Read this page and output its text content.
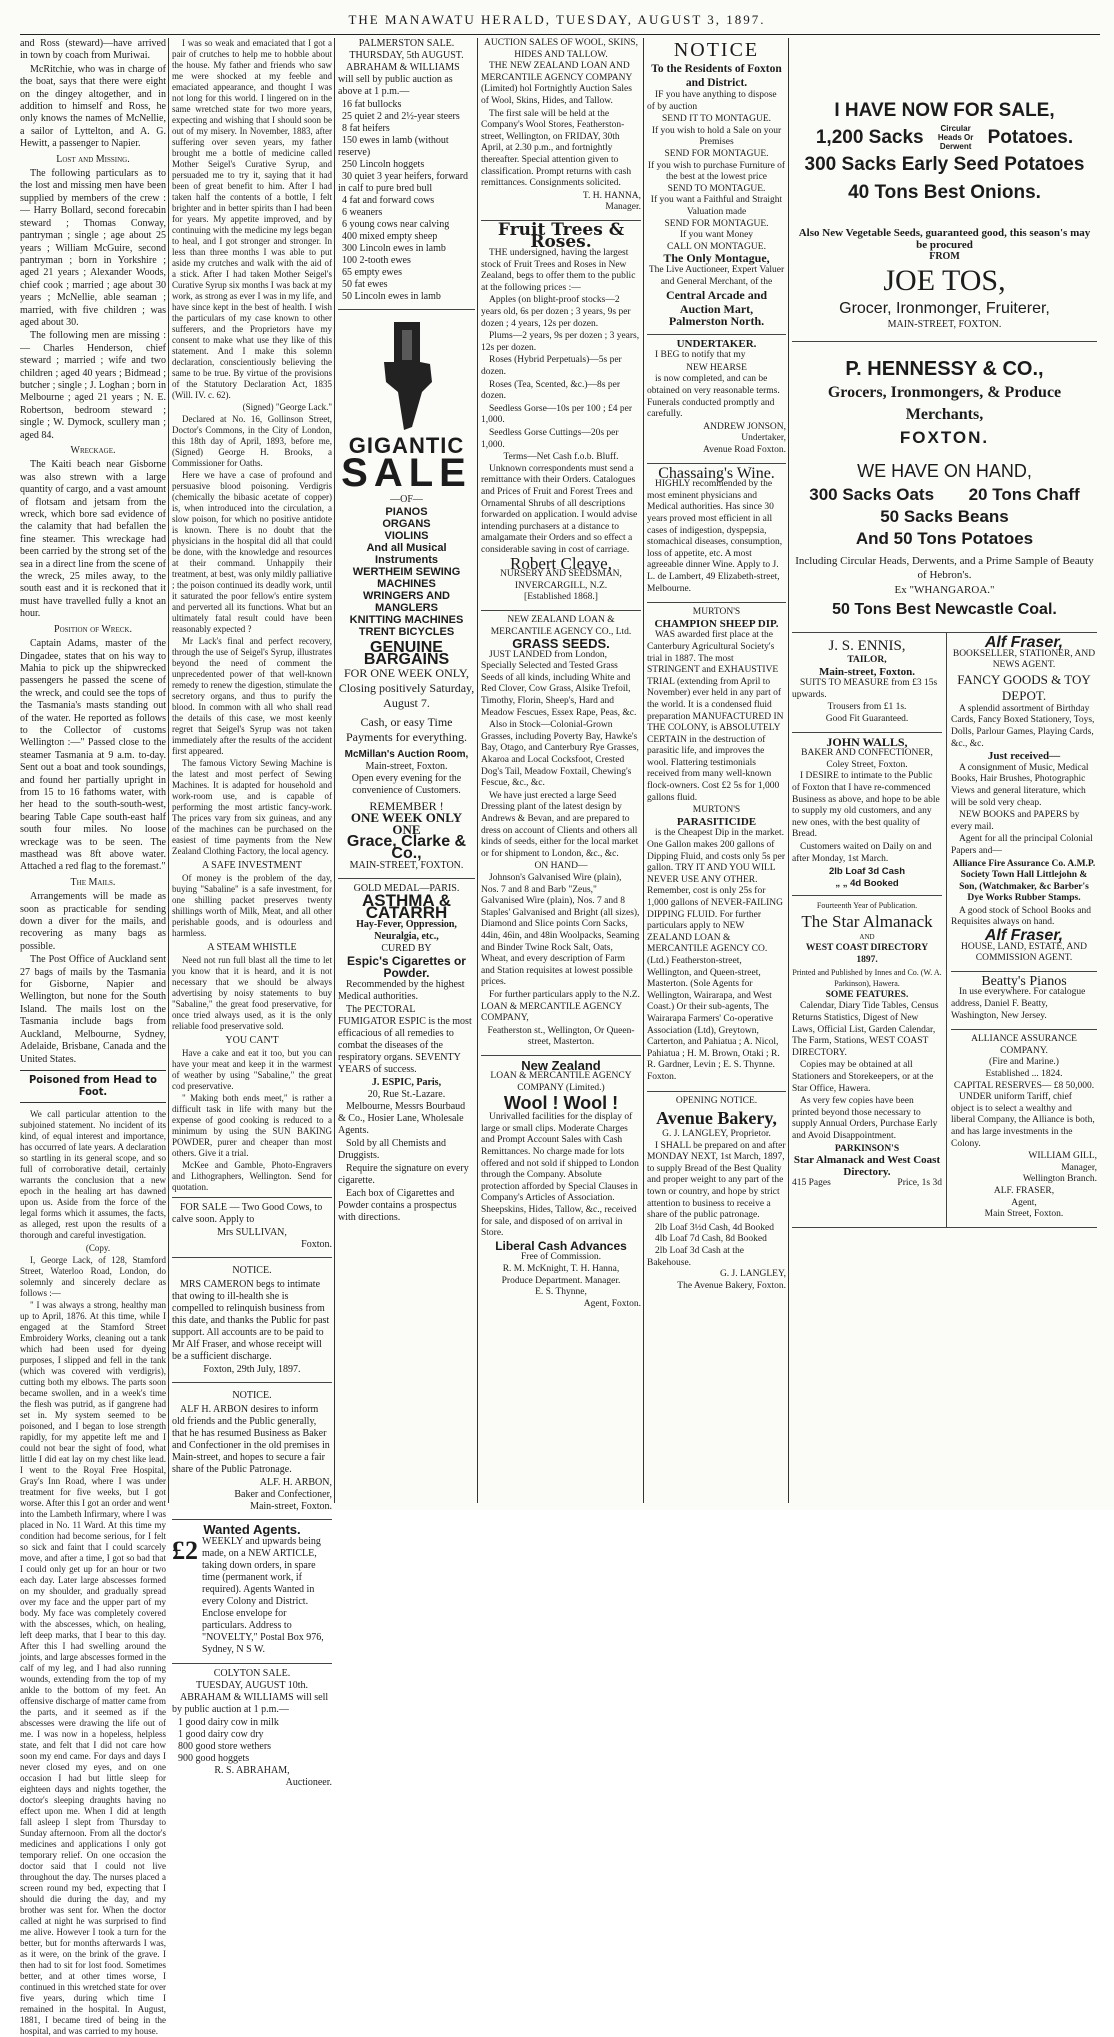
THE MANAWATU HERALD, TUESDAY, AUGUST 3, 1897.

and Ross (steward)—have arrived in town by coach from Muriwai.

McRitchie, who was in charge of the boat, says that there were eight on the dingey altogether, and in addition to himself and Ross, he only knows the names of McNellie, a sailor of Lyttelton, and A. G. Hewitt, a passenger to Napier.

Lost and Missing.

The following particulars as to the lost and missing men have been supplied by members of the crew :— Harry Bollard, second forecabin steward ; Thomas Conway, pantryman ; single ; age about 25 years ; William McGuire, second pantryman ; born in Yorkshire ; aged 21 years ; Alexander Woods, chief cook ; married ; age about 30 years ; McNellie, able seaman ; married, with five children ; was aged about 30.

The following men are missing :— Charles Henderson, chief steward ; married ; wife and two children ; aged 40 years ; Bidmead ; butcher ; single ; J. Loghan ; born in Melbourne ; aged 21 years ; N. E. Robertson, bedroom steward ; single ; W. Dymock, scullery man ; aged 84.

Wreckage.

The Kaiti beach near Gisborne was also strewn with a large quantity of cargo, and a vast amount of flotsam and jetsam from the wreck, which bore sad evidence of the calamity that had befallen the fine steamer. This wreckage had been carried by the strong set of the sea in a direct line from the scene of the wreck, 25 miles away, to the south east and it is reckoned that it must have travelled fully a knot an hour.

Position of Wreck.

Captain Adams, master of the Dingadee, states that on his way to Mahia to pick up the shipwrecked passengers he passed the scene of the wreck, and could see the tops of the Tasmania's masts standing out of the water. He reported as follows to the Collector of customs Wellington :—" Passed close to the steamer Tasmania at 9 a.m. to-day. Sent out a boat and took soundings, and found her partially upright in from 15 to 16 fathoms water, with her head to the south-south-west, bearing Table Cape south-east half south four miles. No loose wreckage was to be seen. The masthead was 8ft above water. Attached a red flag to the foremast."

The Mails.

Arrangements will be made as soon as practicable for sending down a diver for the mails, and recovering as many bags as possible.

The Post Office of Auckland sent 27 bags of mails by the Tasmania for Gisborne, Napier and Wellington, but none for the South Island. The mails lost on the Tasmania include bags from Auckland, Melbourne, Sydney, Adelaide, Brisbane, Canada and the United States.

Poisoned from Head to Foot.

We call particular attention to the subjoined statement. No incident of its kind, of equal interest and importance, has occurred of late years. A declaration so startling in its general scope, and so full of corroborative detail, certainly warrants the conclusion that a new epoch in the healing art has dawned upon us. Aside from the force of the legal forms which it assumes, the facts, as alleged, rest upon the results of a thorough and careful investigation.

(Copy.

I, George Lack, of 128, Stamford Street, Waterloo Road, London, do solemnly and sincerely declare as follows :—

" I was always a strong, healthy man up to April, 1876. At this time, while I engaged at the Stamford Street Embroidery Works, cleaning out a tank which had been used for dyeing purposes, I slipped and fell in the tank (which was covered with verdigris), cutting both my elbows. The parts soon became swollen, and in a week's time the flesh was putrid, as if gangrene had set in. My system seemed to be poisoned, and I began to lose strength rapidly, for my appetite left me and I could not bear the sight of food, what little I did eat lay on my chest like lead. I went to the Royal Free Hospital, Gray's Inn Road, where I was under treatment for five weeks, but I got worse. After this I got an order and went into the Lambeth Infirmary, where I was placed in No. 11 Ward. At this time my condition had become serious, for I felt so sick and faint that I could scarcely move, and after a time, I got so bad that I could only get up for an hour or two each day. Later large abscesses formed on my shoulder, and gradually spread over my face and the upper part of my body. My face was completely covered with the abscesses, which, on healing, left deep marks, that I bear to this day. After this I had swelling around the joints, and large abscesses formed in the calf of my leg, and I had also running wounds, extending from the top of my ankle to the bottom of my feet. An offensive discharge of matter came from the parts, and it seemed as if the abscesses were drawing the life out of me. I was now in a hopeless, helpless state, and felt that I did not care how soon my end came. For days and days I never closed my eyes, and on one occasion I had but little sleep for eighteen days and nights together, the doctor's sleeping draughts having no effect upon me. When I did at length fall asleep I slept from Thursday to Sunday afternoon. From all the doctor's medicines and applications I only got temporary relief. On one occasion the doctor said that I could not live throughout the day. The nurses placed a screen round my bed, expecting that I should die during the day, and my brother was sent for. When the doctor called at night he was surprised to find me alive. However I took a turn for the better, but for months afterwards I was, as it were, on the brink of the grave. I then had to sit for lost food. Sometimes better, and at other times worse, I continued in this wretched state for over five years, during which time I remained in the hospital. In August, 1881, I became tired of being in the hospital, and was carried to my house.

I was so weak and emaciated that I got a pair of crutches to help me to hobble about the house. My father and friends who saw me were shocked at my feeble and emaciated appearance, and thought I was not long for this world. I lingered on in the same wretched state for two more years, expecting and wishing that I should soon be out of my misery. In November, 1883, after suffering over seven years, my father brought me a bottle of medicine called Mother Seigel's Curative Syrup, and persuaded me to try it, saying that it had been of great benefit to him. After I had taken half the contents of a bottle, I felt brighter and in better spirits than I had been for years. My appetite improved, and by continuing with the medicine my legs began to heal, and I got stronger and stronger. In less than three months I was able to put aside my crutches and walk with the aid of a stick. After I had taken Mother Seigel's Curative Syrup six months I was back at my work, as strong as ever I was in my life, and have since kept in the best of health. I wish the particulars of my case known to other sufferers, and the Proprietors have my consent to make what use they like of this statement. And I make this solemn declaration, conscientiously believing the same to be true. By virtue of the provisions of the Statutory Declaration Act, 1835 (Will. IV. c. 62).

(Signed) "George Lack."

Declared at No. 16, Gollinson Street, Doctor's Commons, in the City of London, this 18th day of April, 1893, before me, (Signed) George H. Brooks, a Commissioner for Oaths.

Here we have a case of profound and persuasive blood poisoning. Verdigris (chemically the bibasic acetate of copper) is, when introduced into the circulation, a slow poison, for which no positive antidote is known. There is no doubt that the physicians in the hospital did all that could be done, with the knowledge and resources at their command. Unhappily their treatment, at best, was only mildly palliative ; the poison continued its deadly work, until it saturated the poor fellow's entire system and perverted all its functions. What but an ultimately fatal result could have been reasonably expected ?

Mr Lack's final and perfect recovery, through the use of Seigel's Syrup, illustrates beyond the need of comment the unprecedented power of that well-known remedy to renew the digestion, stimulate the secretory organs, and thus to purify the blood. In common with all who shall read the details of this case, we most keenly regret that Seigel's Syrup was not taken immediately after the results of the accident first appeared.

The famous Victory Sewing Machine is the latest and most perfect of Sewing Machines. It is adapted for household and work-room use, and is capable of performing the most artistic fancy-work. The prices vary from six guineas, and any of the machines can be purchased on the easiest of time payments from the New Zealand Clothing Factory, the local agency.

A SAFE INVESTMENT

Of money is the problem of the day, buying "Sabaline" is a safe investment, for one shilling packet preserves twenty shillings worth of Milk, Meat, and all other perishable goods, and is odourless and harmless.

A STEAM WHISTLE

Need not run full blast all the time to let you know that it is heard, and it is not necessary that we should be always advertising by noisy statements to buy "Sabaline," the great food preservative, for once tried always used, as it is the only reliable food preservative sold.

YOU CAN'T

Have a cake and eat it too, but you can have your meat and keep it in the warmest of weather by using "Sabaline," the great cod preservative.

" Making both ends meet," is rather a difficult task in life with many but the expense of good cooking is reduced to a minimum by using the SUN BAKING POWDER, purer and cheaper than most others. Give it a trial.

McKee and Gamble, Photo-Engravers and Lithographers, Wellington. Send for quotation.

FOR SALE — Two Good Cows, to calve soon. Apply to

Mrs SULLIVAN,
Foxton.
NOTICE.

MRS CAMERON begs to intimate that owing to ill-health she is compelled to relinquish business from this date, and thanks the Public for past support. All accounts are to be paid to Mr Alf Fraser, and whose receipt will be a sufficient discharge.

Foxton, 29th July, 1897.
NOTICE.

ALF H. ARBON desires to inform old friends and the Public generally, that he has resumed Business as Baker and Confectioner in the old premises in Main-street, and hopes to secure a fair share of the Public Patronage.

ALF. H. ARBON,
Baker and Confectioner,
Main-street, Foxton.
Wanted Agents.
£2 WEEKLY and upwards being made, on a NEW ARTICLE, taking down orders, in spare time (permanent work, if required). Agents Wanted in every Colony and District. Enclose envelope for particulars. Address to "NOVELTY," Postal Box 976, Sydney, N S W.

COLYTON SALE.
TUESDAY, AUGUST 10th.

ABRAHAM & WILLIAMS will sell by public auction at 1 p.m.—

1 good dairy cow in milk
1 good dairy cow dry
800 good store wethers
900 good hoggets
R. S. ABRAHAM,
Auctioneer.
PALMERSTON SALE.
THURSDAY, 5th AUGUST.

ABRAHAM & WILLIAMS will sell by public auction as above at 1 p.m.—

16 fat bullocks
25 quiet 2 and 2½-year steers
8 fat heifers
150 ewes in lamb (without reserve)
250 Lincoln hoggets
30 quiet 3 year heifers, forward in calf to pure bred bull
4 fat and forward cows
6 weaners
6 young cows near calving
400 mixed empty sheep
300 Lincoln ewes in lamb
100 2-tooth ewes
65 empty ewes
50 fat ewes
50 Lincoln ewes in lamb
GIGANTIC
SALE
—OF—
PIANOS
ORGANS
VIOLINS
And all Musical Instruments
WERTHEIM SEWING MACHINES
WRINGERS AND MANGLERS
KNITTING MACHINES
TRENT BICYCLES
GENUINE BARGAINS
FOR ONE WEEK ONLY, Closing positively Saturday, August 7.
Cash, or easy Time Payments for everything.
McMillan's Auction Room,
Main-street, Foxton.
Open every evening for the convenience of Customers.
REMEMBER !
ONE WEEK ONLY ONE
Grace, Clarke & Co.,
MAIN-STREET, FOXTON.
GOLD MEDAL—PARIS.
ASTHMA & CATARRH
Hay-Fever, Oppression, Neuralgia, etc.,
CURED BY
Espic's Cigarettes or Powder.

Recommended by the highest Medical authorities.

The PECTORAL FUMIGATOR ESPIC is the most efficacious of all remedies to combat the diseases of the respiratory organs. SEVENTY YEARS of success.

J. ESPIC, Paris,
20, Rue St.-Lazare.

Melbourne, Messrs Bourbaud & Co., Hosier Lane, Wholesale Agents.

Sold by all Chemists and Druggists.

Require the signature on every cigarette.

Each box of Cigarettes and Powder contains a prospectus with directions.

AUCTION SALES OF WOOL, SKINS, HIDES AND TALLOW.

THE NEW ZEALAND LOAN AND MERCANTILE AGENCY COMPANY (Limited) hol Fortnightly Auction Sales of Wool, Skins, Hides, and Tallow.

The first sale will be held at the Company's Wool Stores, Featherston-street, Wellington, on FRIDAY, 30th April, at 2.30 p.m., and fortnightly thereafter. Special attention given to classification. Prompt returns with cash remittances. Consignments solicited.

T. H. HANNA,
Manager.
Fruit Trees & Roses.

THE undersigned, having the largest stock of Fruit Trees and Roses in New Zealand, begs to offer them to the public at the following prices :—

Apples (on blight-proof stocks—2 years old, 6s per dozen ; 3 years, 9s per dozen ; 4 years, 12s per dozen.

Plums—2 years, 9s per dozen ; 3 years, 12s per dozen.

Roses (Hybrid Perpetuals)—5s per dozen.

Roses (Tea, Scented, &c.)—8s per dozen.

Seedless Gorse—10s per 100 ; £4 per 1,000.

Seedless Gorse Cuttings—20s per 1,000.

Terms—Net Cash f.o.b. Bluff.

Unknown correspondents must send a remittance with their Orders. Catalogues and Prices of Fruit and Forest Trees and Ornamental Shrubs of all descriptions forwarded on application. I would advise intending purchasers at a distance to amalgamate their Orders and so effect a considerable saving in cost of carriage.

Robert Cleave,
NURSERY AND SEEDSMAN,
INVERCARGILL, N.Z.
[Established 1868.]
NEW ZEALAND LOAN & MERCANTILE AGENCY CO., Ltd.
GRASS SEEDS.

JUST LANDED from London, Specially Selected and Tested Grass Seeds of all kinds, including White and Red Clover, Cow Grass, Alsike Trefoil, Timothy, Florin, Sheep's, Hard and Meadow Fescues, Essex Rape, Peas, &c.

Also in Stock—Colonial-Grown Grasses, including Poverty Bay, Hawke's Bay, Otago, and Canterbury Rye Grasses, Akaroa and Local Cocksfoot, Crested Dog's Tail, Meadow Foxtail, Chewing's Fescue, &c., &c.

We have just erected a large Seed Dressing plant of the latest design by Andrews & Bevan, and are prepared to dress on account of Clients and others all kinds of seeds, either for the local market or for shipment to London, &c., &c.

ON HAND—

Johnson's Galvanised Wire (plain), Nos. 7 and 8 and Barb "Zeus," Galvanised Wire (plain), Nos. 7 and 8 Staples' Galvanised and Bright (all sizes), Diamond and Slice points Corn Sacks, 44in, 46in, and 48in Woolpacks, Seaming and Binder Twine Rock Salt, Oats, Wheat, and every description of Farm and Station requisites at lowest possible prices.

For further particulars apply to the N.Z. LOAN & MERCANTILE AGENCY COMPANY,

Featherston st., Wellington, Or Queen-street, Masterton.
New Zealand
LOAN & MERCANTILE AGENCY COMPANY (Limited.)
Wool ! Wool !

Unrivalled facilities for the display of large or small clips. Moderate Charges and Prompt Account Sales with Cash Remittances. No charge made for lots offered and not sold if shipped to London through the Company. Absolute protection afforded by Special Clauses in Company's Articles of Association. Sheepskins, Hides, Tallow, &c., received for sale, and disposed of on arrival in Store.

Liberal Cash Advances
Free of Commission.
R. M. McKnight, T. H. Hanna,
Produce Department. Manager.
E. S. Thynne,
Agent, Foxton.
NOTICE
To the Residents of Foxton and District.

IF you have anything to dispose of by auction

SEND IT TO MONTAGUE.
If you wish to hold a Sale on your Premises
SEND FOR MONTAGUE.
If you wish to purchase Furniture of the best at the lowest price
SEND TO MONTAGUE.
If you want a Faithful and Straight Valuation made
SEND FOR MONTAGUE.
If you want Money
CALL ON MONTAGUE.
The Only Montague,
The Live Auctioneer, Expert Valuer and General Merchant, of the
Central Arcade and Auction Mart,
Palmerston North.
UNDERTAKER.

I BEG to notify that my

NEW HEARSE

is now completed, and can be obtained on very reasonable terms. Funerals conducted promptly and carefully.

ANDREW JONSON,
Undertaker,
Avenue Road Foxton.
Chassaing's Wine.

HIGHLY recommended by the most eminent physicians and Medical authorities. Has since 30 years proved most efficient in all cases of indigestion, dyspepsia, stomachical diseases, consumption, loss of appetite, etc. A most agreeable dinner Wine. Apply to J. L. de Lambert, 49 Elizabeth-street, Melbourne.

MURTON'S
CHAMPION SHEEP DIP.

WAS awarded first place at the Canterbury Agricultural Society's trial in 1887. The most STRINGENT and EXHAUSTIVE TRIAL (extending from April to November) ever held in any part of the world. It is a condensed fluid preparation MANUFACTURED IN THE COLONY, is ABSOLUTELY CERTAIN in the destruction of parasitic life, and improves the wool. Flattering testimonials received from many well-known flock-owners. Cost £2 5s for 1,000 gallons fluid.

MURTON'S
PARASITICIDE

is the Cheapest Dip in the market. One Gallon makes 200 gallons of Dipping Fluid, and costs only 5s per gallon. TRY IT AND YOU WILL NEVER USE ANY OTHER. Remember, cost is only 25s for 1,000 gallons of NEVER-FAILING DIPPING FLUID. For further particulars apply to NEW ZEALAND LOAN & MERCANTILE AGENCY CO. (Ltd.) Featherston-street, Wellington, and Queen-street, Masterton. (Sole Agents for Wellington, Wairarapa, and West Coast.) Or their sub-agents, The Wairarapa Farmers' Co-operative Association (Ltd), Greytown, Carterton, and Pahiatua ; A. Nicol, Pahiatua ; H. M. Brown, Otaki ; R. R. Gardner, Levin ; E. S. Thynne. Foxton.

OPENING NOTICE.
Avenue Bakery,
G. J. LANGLEY, Proprietor.

I SHALL be prepared on and after MONDAY NEXT, 1st March, 1897, to supply Bread of the Best Quality and proper weight to any part of the town or country, and hope by strict attention to business to receive a share of the public patronage.

2lb Loaf 3½d Cash, 4d Booked
4lb Loaf 7d Cash, 8d Booked
2lb Loaf 3d Cash at the Bakehouse.
G. J. LANGLEY,
The Avenue Bakery, Foxton.
I HAVE NOW FOR SALE,
1,200 Sacks	Circular Heads Or Derwent Potatoes.
300 Sacks Early Seed Potatoes
40 Tons Best Onions.
Also New Vegetable Seeds, guaranteed good, this season's may be procured
FROM
JOE TOS,
Grocer, Ironmonger, Fruiterer,
MAIN-STREET, FOXTON.
P. HENNESSY & CO.,
Grocers, Ironmongers, & Produce Merchants,
FOXTON.
WE HAVE ON HAND,
300 Sacks Oats 20 Tons Chaff
50 Sacks Beans
And 50 Tons Potatoes
Including Circular Heads, Derwents, and a Prime Sample of Beauty of Hebron's.
Ex "WHANGAROA."
50 Tons Best Newcastle Coal.
J. S. ENNIS,
TAILOR,
Main-street, Foxton.

SUITS TO MEASURE from £3 15s upwards.

Trousers from £1 1s.
Good Fit Guaranteed.
JOHN WALLS,
BAKER AND CONFECTIONER,
Coley Street, Foxton.

I DESIRE to intimate to the Public of Foxton that I have re-commenced Business as above, and hope to be able to supply my old customers, and any new ones, with the best quality of Bread.

Customers waited on Daily on and after Monday, 1st March.

2lb Loaf 3d Cash
„ „ 4d Booked
Fourteenth Year of Publication.
The Star Almanack
AND
WEST COAST DIRECTORY
1897.
Printed and Published by Innes and Co. (W. A. Parkinson), Hawera.
SOME FEATURES.

Calendar, Diary Tide Tables, Census Returns Statistics, Digest of New Laws, Official List, Garden Calendar, The Farm, Stations, WEST COAST DIRECTORY.

Copies may be obtained at all Stationers and Storekeepers, or at the Star Office, Hawera.

As very few copies have been printed beyond those necessary to supply Annual Orders, Purchase Early and Avoid Disappointment.

PARKINSON'S
Star Almanack and West Coast Directory.
415 Pages	Price, 1s 3d
Alf Fraser,
BOOKSELLER, STATIONER, AND NEWS AGENT.
FANCY GOODS & TOY DEPOT.

A splendid assortment of Birthday Cards, Fancy Boxed Stationery, Toys, Dolls, Parlour Games, Playing Cards, &c., &c.

Just received—

A consignment of Music, Medical Books, Hair Brushes, Photographic Views and general literature, which will be sold very cheap.

NEW BOOKS and PAPERS by every mail.

Agent for all the principal Colonial Papers and—

Alliance Fire Assurance Co. A.M.P. Society Town Hall Littlejohn & Son, (Watchmaker, &c Barber's Dye Works Rubber Stamps.

A good stock of School Books and Requisites always on hand.

Alf Fraser,
HOUSE, LAND, ESTATE, AND COMMISSION AGENT.
Beatty's Pianos

In use everywhere. For catalogue address, Daniel F. Beatty, Washington, New Jersey.

ALLIANCE ASSURANCE COMPANY.
(Fire and Marine.)
Established ... 1824.
CAPITAL RESERVES— £8 50,000.

UNDER uniform Tariff, chief object is to select a wealthy and liberal Company, the Alliance is both, and has large investments in the Colony.

WILLIAM GILL,
Manager,
Wellington Branch.
ALF. FRASER,
Agent,
Main Street, Foxton.
